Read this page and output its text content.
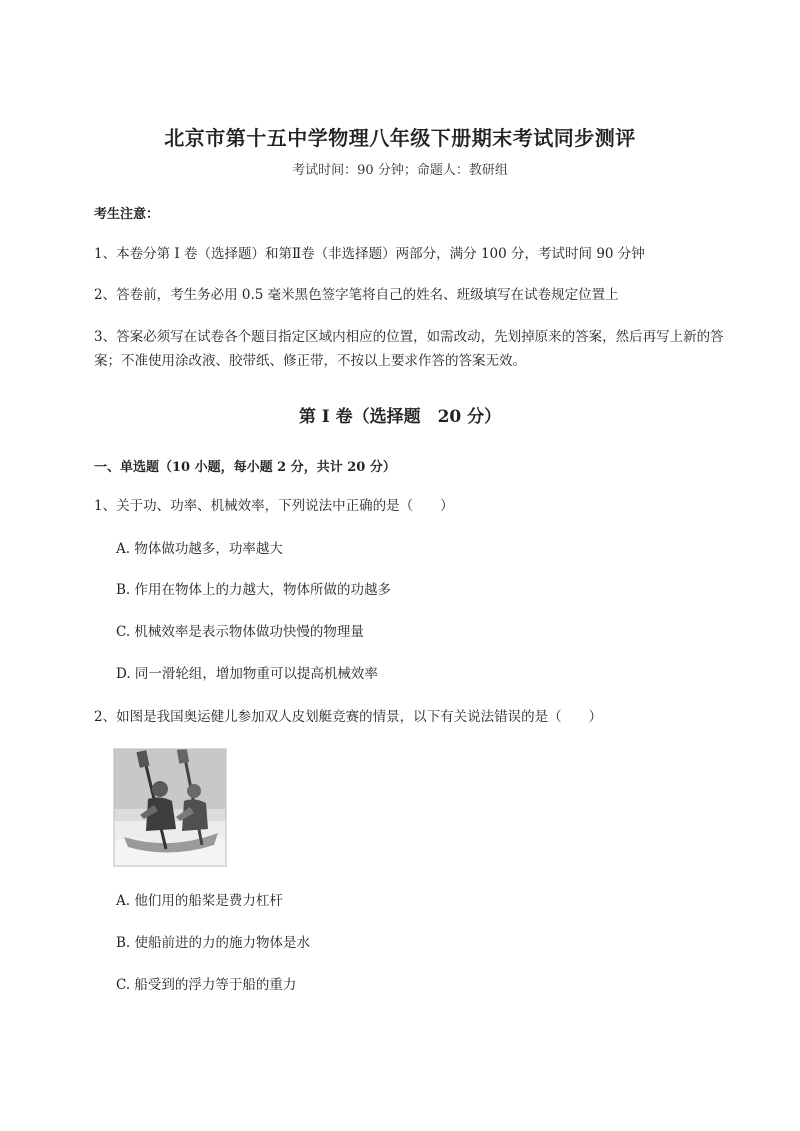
北京市第十五中学物理八年级下册期末考试同步测评
考试时间：90 分钟；命题人：教研组
考生注意：
1、本卷分第 I 卷（选择题）和第Ⅱ卷（非选择题）两部分，满分 100 分，考试时间 90 分钟
2、答卷前，考生务必用 0.5 毫米黑色签字笔将自己的姓名、班级填写在试卷规定位置上
3、答案必须写在试卷各个题目指定区域内相应的位置，如需改动，先划掉原来的答案，然后再写上新的答案；不准使用涂改液、胶带纸、修正带，不按以上要求作答的答案无效。
第 I 卷（选择题　20 分）
一、单选题（10 小题，每小题 2 分，共计 20 分）
1、关于功、功率、机械效率，下列说法中正确的是（　　）
A. 物体做功越多，功率越大
B. 作用在物体上的力越大，物体所做的功越多
C. 机械效率是表示物体做功快慢的物理量
D. 同一滑轮组，增加物重可以提高机械效率
2、如图是我国奥运健儿参加双人皮划艇竞赛的情景，以下有关说法错误的是（　　）
A. 他们用的船桨是费力杠杆
B. 使船前进的力的施力物体是水
C. 船受到的浮力等于船的重力
